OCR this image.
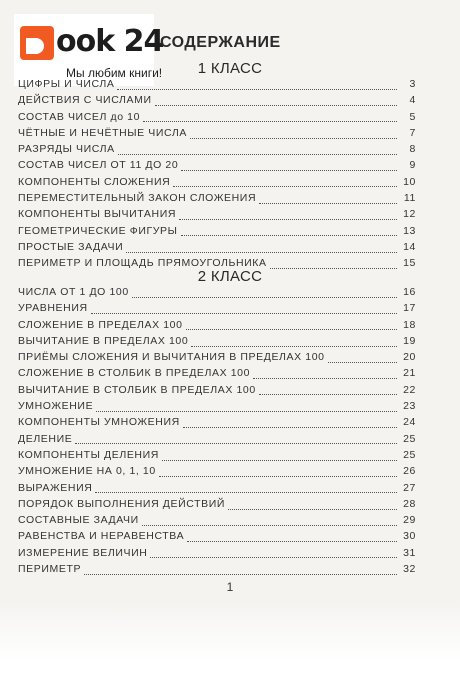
ook 24
Мы любим книги!
СОДЕРЖАНИЕ
1 КЛАСС
ЦИФРЫ И ЧИСЛА	3
ДЕЙСТВИЯ С ЧИСЛАМИ	4
СОСТАВ ЧИСЕЛ до 10	5
ЧЁТНЫЕ И НЕЧЁТНЫЕ ЧИСЛА	7
РАЗРЯДЫ ЧИСЛА	8
СОСТАВ ЧИСЕЛ ОТ 11 ДО 20	9
КОМПОНЕНТЫ СЛОЖЕНИЯ	10
ПЕРЕМЕСТИТЕЛЬНЫЙ ЗАКОН СЛОЖЕНИЯ	11
КОМПОНЕНТЫ ВЫЧИТАНИЯ	12
ГЕОМЕТРИЧЕСКИЕ ФИГУРЫ	13
ПРОСТЫЕ ЗАДАЧИ	14
ПЕРИМЕТР И ПЛОЩАДЬ ПРЯМОУГОЛЬНИКА	15
2 КЛАСС
ЧИСЛА ОТ 1 ДО 100	16
УРАВНЕНИЯ	17
СЛОЖЕНИЕ В ПРЕДЕЛАХ 100	18
ВЫЧИТАНИЕ В ПРЕДЕЛАХ 100	19
ПРИЁМЫ СЛОЖЕНИЯ И ВЫЧИТАНИЯ В ПРЕДЕЛАХ 100	20
СЛОЖЕНИЕ В СТОЛБИК В ПРЕДЕЛАХ 100	21
ВЫЧИТАНИЕ В СТОЛБИК В ПРЕДЕЛАХ 100	22
УМНОЖЕНИЕ	23
КОМПОНЕНТЫ УМНОЖЕНИЯ	24
ДЕЛЕНИЕ	25
КОМПОНЕНТЫ ДЕЛЕНИЯ	25
УМНОЖЕНИЕ НА 0, 1, 10	26
ВЫРАЖЕНИЯ	27
ПОРЯДОК ВЫПОЛНЕНИЯ ДЕЙСТВИЙ	28
СОСТАВНЫЕ ЗАДАЧИ	29
РАВЕНСТВА И НЕРАВЕНСТВА	30
ИЗМЕРЕНИЕ ВЕЛИЧИН	31
ПЕРИМЕТР	32
1
